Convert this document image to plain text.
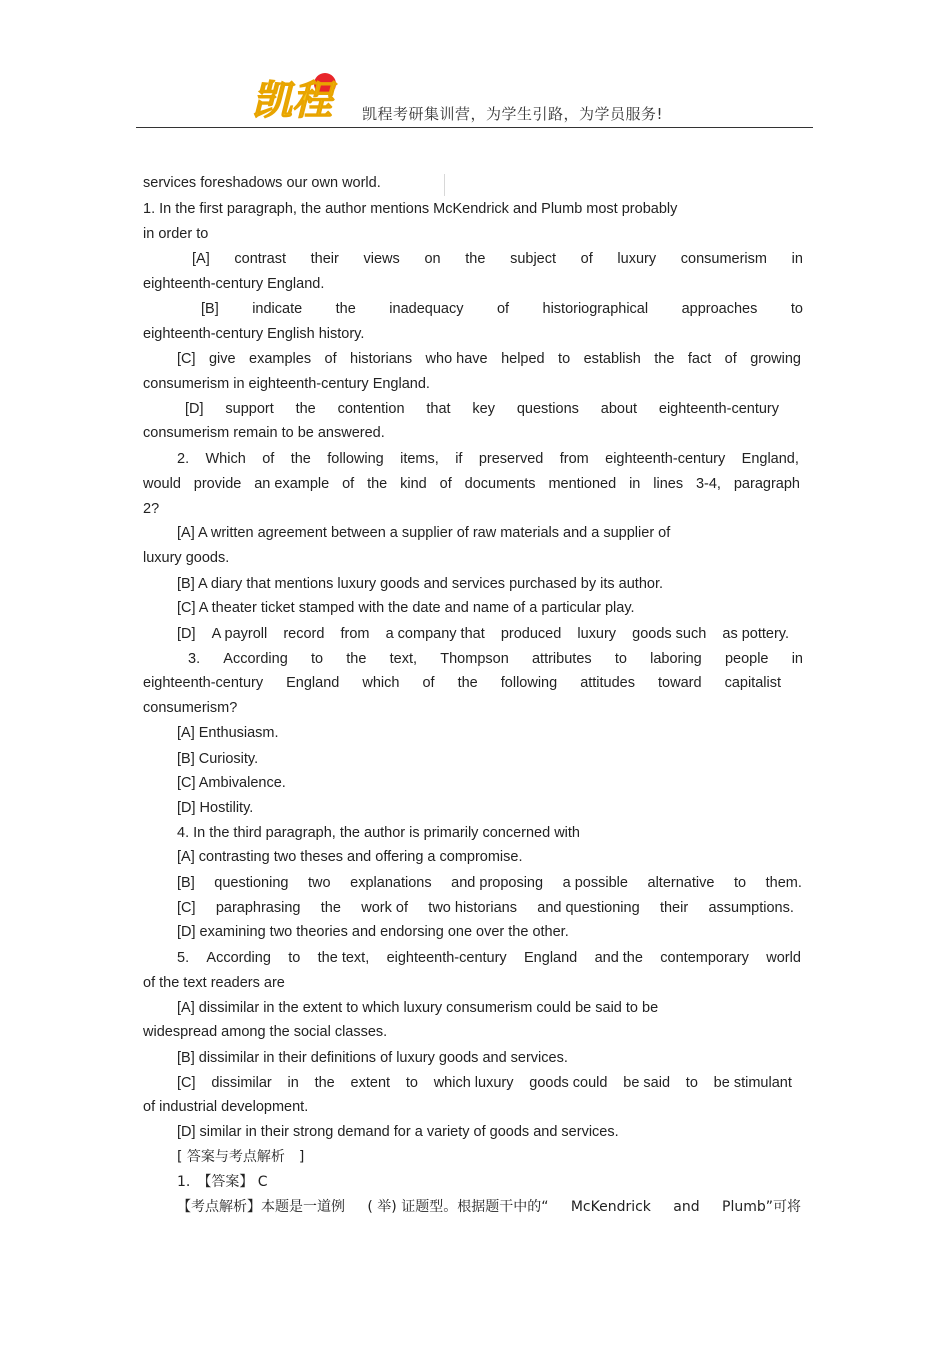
凯程	凯程考研集训营，为学生引路，为学员服务!
services foreshadows our own world.
1. In the first paragraph, the author mentions McKendrick and Plumb most probably
in order to
[A] contrast their views on the subject of luxury consumerism in
eighteenth-century England.
[B] indicate the inadequacy of historiographical approaches to
eighteenth-century English history.
[C] give examples of historians who have helped to establish the fact of growing
consumerism in eighteenth-century England.
[D] support the contention that key questions about eighteenth-century
consumerism remain to be answered.
2. Which of the following items, if preserved from eighteenth-century England,
would provide an example of the kind of documents mentioned in lines 3-4, paragraph
2?
[A] A written agreement between a supplier of raw materials and a supplier of
luxury goods.
[B] A diary that mentions luxury goods and services purchased by its author.
[C] A theater ticket stamped with the date and name of a particular play.
[D] A payroll record from a company that produced luxury goods such as pottery.
3. According to the text, Thompson attributes to laboring people in
eighteenth-century England which of the following attitudes toward capitalist
consumerism?
[A] Enthusiasm.
[B] Curiosity.
[C] Ambivalence.
[D] Hostility.
4. In the third paragraph, the author is primarily concerned with
[A] contrasting two theses and offering a compromise.
[B] questioning two explanations and proposing a possible alternative to them.
[C] paraphrasing the work of two historians and questioning their assumptions.
[D] examining two theories and endorsing one over the other.
5. According to the text, eighteenth-century England and the contemporary world
of the text readers are
[A] dissimilar in the extent to which luxury consumerism could be said to be
widespread among the social classes.
[B] dissimilar in their definitions of luxury goods and services.
[C] dissimilar in the extent to which luxury goods could be said to be stimulant
of industrial development.
[D] similar in their strong demand for a variety of goods and services.
[ 答案与考点解析　]
1.　【答案】 C
【考点解析】本题是一道例 ( 举) 证题型。根据题干中的“ McKendrick and Plumb”可将
